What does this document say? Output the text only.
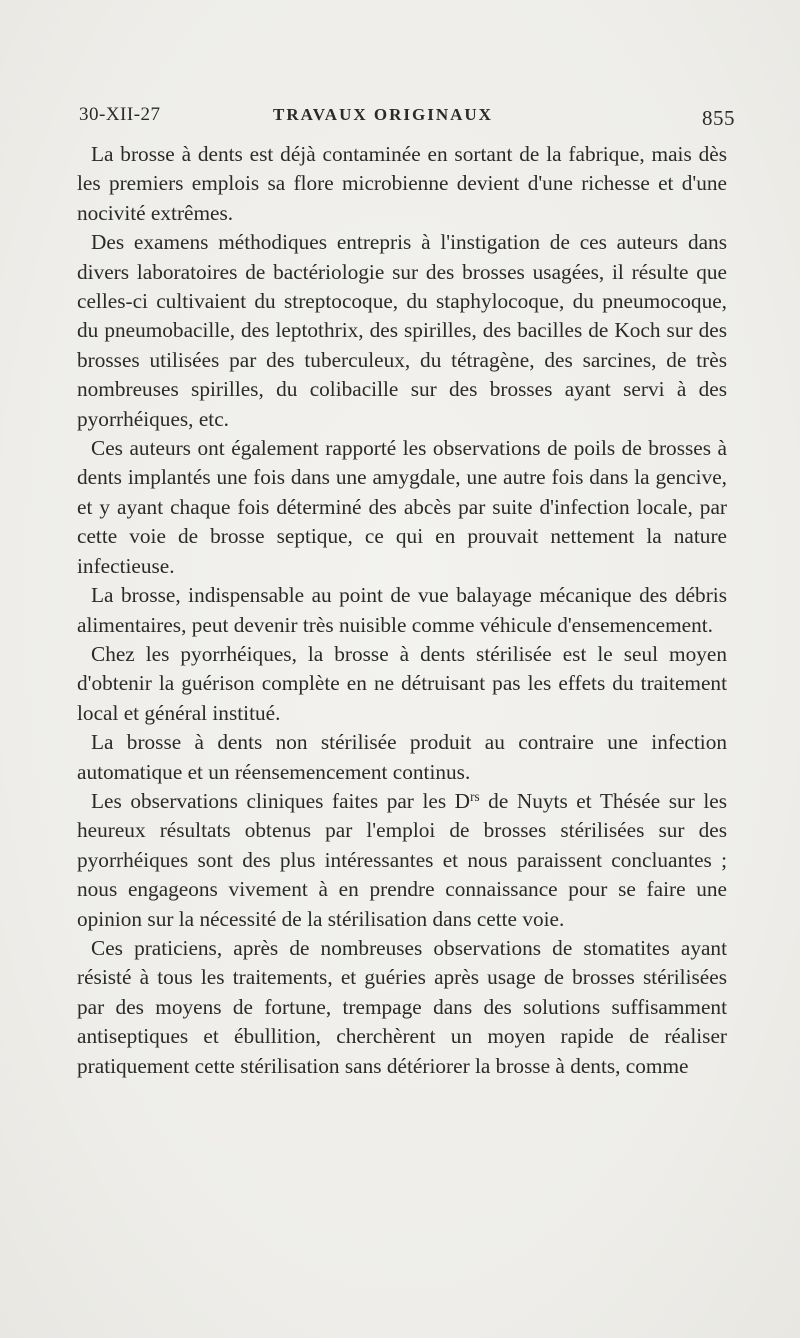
30-XII-27	TRAVAUX ORIGINAUX	855

La brosse à dents est déjà contaminée en sortant de la fabrique, mais dès les premiers emplois sa flore microbienne devient d'une richesse et d'une nocivité extrêmes.

Des examens méthodiques entrepris à l'instigation de ces auteurs dans divers laboratoires de bactériologie sur des brosses usagées, il résulte que celles-ci cultivaient du streptocoque, du staphylocoque, du pneumocoque, du pneumobacille, des leptothrix, des spirilles, des bacilles de Koch sur des brosses utilisées par des tuberculeux, du tétragène, des sarcines, de très nombreuses spirilles, du colibacille sur des brosses ayant servi à des pyorrhéiques, etc.

Ces auteurs ont également rapporté les observations de poils de brosses à dents implantés une fois dans une amygdale, une autre fois dans la gencive, et y ayant chaque fois déterminé des abcès par suite d'infection locale, par cette voie de brosse septique, ce qui en prouvait nettement la nature infectieuse.

La brosse, indispensable au point de vue balayage mécanique des débris alimentaires, peut devenir très nuisible comme véhicule d'ensemencement.

Chez les pyorrhéiques, la brosse à dents stérilisée est le seul moyen d'obtenir la guérison complète en ne détruisant pas les effets du traitement local et général institué.

La brosse à dents non stérilisée produit au contraire une infection automatique et un réensemencement continus.

Les observations cliniques faites par les $D^{rs}$ de Nuyts et Thésée sur les heureux résultats obtenus par l'emploi de brosses stérilisées sur des pyorrhéiques sont des plus intéressantes et nous paraissent concluantes ; nous engageons vivement à en prendre connaissance pour se faire une opinion sur la nécessité de la stérilisation dans cette voie.

Ces praticiens, après de nombreuses observations de stomatites ayant résisté à tous les traitements, et guéries après usage de brosses stérilisées par des moyens de fortune, trempage dans des solutions suffisamment antiseptiques et ébullition, cherchèrent un moyen rapide de réaliser pratiquement cette stérilisation sans détériorer la brosse à dents, comme
